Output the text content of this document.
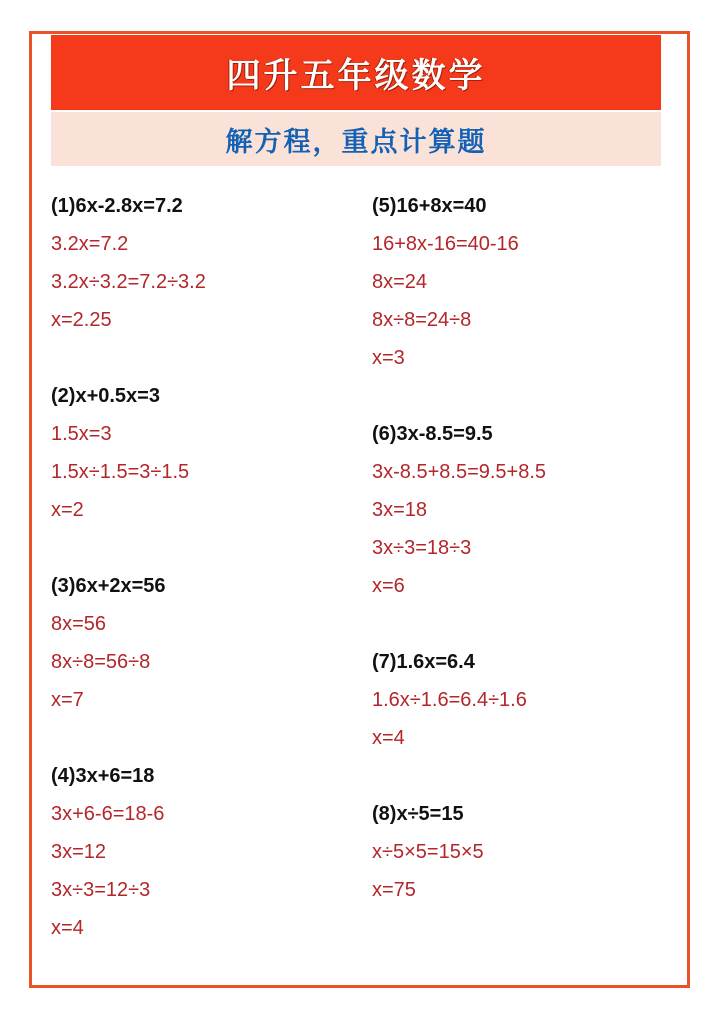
四升五年级数学
解方程，重点计算题
(1)6x-2.8x=7.2
3.2x=7.2
3.2x÷3.2=7.2÷3.2
x=2.25
(2)x+0.5x=3
1.5x=3
1.5x÷1.5=3÷1.5
x=2
(3)6x+2x=56
8x=56
8x÷8=56÷8
x=7
(4)3x+6=18
3x+6-6=18-6
3x=12
3x÷3=12÷3
x=4
(5)16+8x=40
16+8x-16=40-16
8x=24
8x÷8=24÷8
x=3
(6)3x-8.5=9.5
3x-8.5+8.5=9.5+8.5
3x=18
3x÷3=18÷3
x=6
(7)1.6x=6.4
1.6x÷1.6=6.4÷1.6
x=4
(8)x÷5=15
x÷5×5=15×5
x=75
